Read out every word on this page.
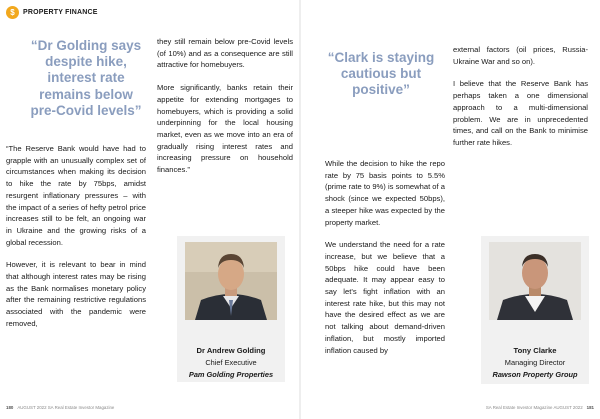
$	PROPERTY FINANCE
“Dr Golding says despite hike, interest rate remains below pre-Covid levels”

“The Reserve Bank would have had to grapple with an unusually complex set of circumstances when making its decision to hike the rate by 75bps, amidst resurgent inflationary pressures – with the impact of a series of hefty petrol price increases still to be felt, an ongoing war in Ukraine and the growing risks of a global recession.

However, it is relevant to bear in mind that although interest rates may be rising as the Bank normalises monetary policy after the remaining restrictive regulations associated with the pandemic were removed,

they still remain below pre-Covid levels (of 10%) and as a consequence are still attractive for homebuyers.

More significantly, banks retain their appetite for extending mortgages to homebuyers, which is providing a solid underpinning for the local housing market, even as we move into an era of gradually rising interest rates and increasing pressure on household finances.”

Dr Andrew Golding
Chief Executive
Pam Golding Properties
180 AUGUST 2022 SA Real Estate Investor Magazine
“Clark is staying cautious but positive”

While the decision to hike the repo rate by 75 basis points to 5.5% (prime rate to 9%) is somewhat of a shock (since we expected 50bps), a steeper hike was expected by the property market.

We understand the need for a rate increase, but we believe that a 50bps hike could have been adequate. It may appear easy to say let’s fight inflation with an interest rate hike, but this may not have the desired effect as we are not talking about demand-driven inflation, but mostly imported inflation caused by

external factors (oil prices, Russia-Ukraine War and so on).

I believe that the Reserve Bank has perhaps taken a one dimensional approach to a multi-dimensional problem. We are in unprecedented times, and call on the Bank to minimise further rate hikes.

Tony Clarke
Managing Director
Rawson Property Group
SA Real Estate Investor Magazine AUGUST 2022 181
